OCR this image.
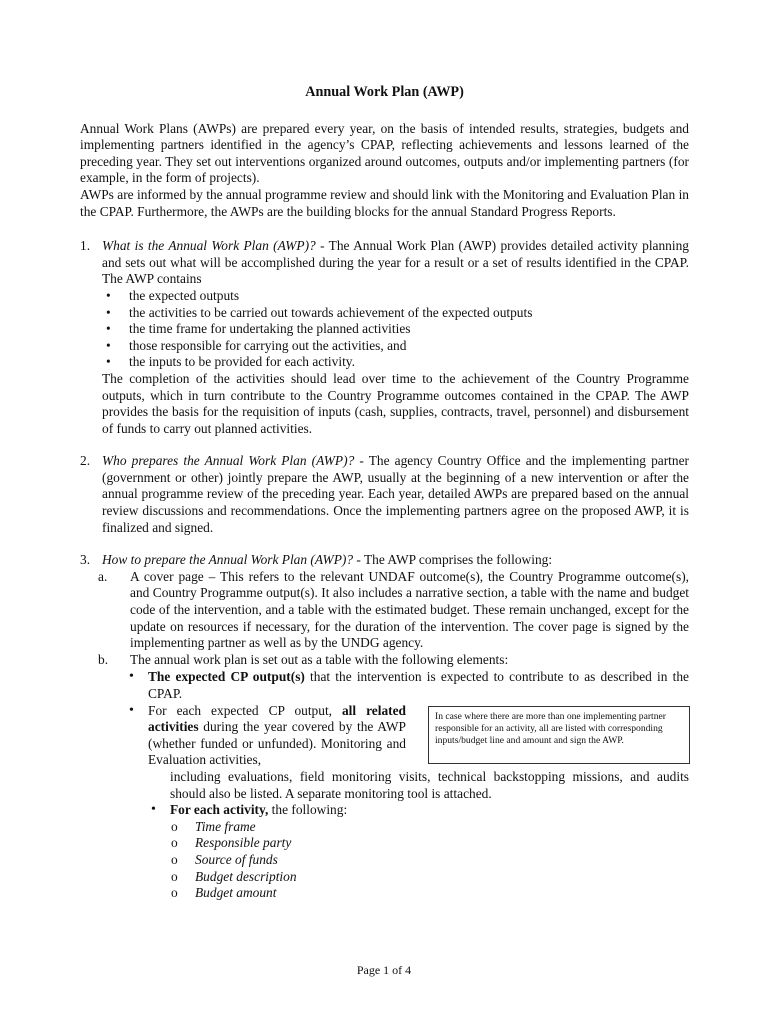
Annual Work Plan (AWP)

Annual Work Plans (AWPs) are prepared every year, on the basis of intended results, strategies, budgets and implementing partners identified in the agency’s CPAP, reflecting achievements and lessons learned of the preceding year. They set out interventions organized around outcomes, outputs and/or implementing partners (for example, in the form of projects).

AWPs are informed by the annual programme review and should link with the Monitoring and Evaluation Plan in the CPAP. Furthermore, the AWPs are the building blocks for the annual Standard Progress Reports.

1. What is the Annual Work Plan (AWP)? - The Annual Work Plan (AWP) provides detailed activity planning and sets out what will be accomplished during the year for a result or a set of results identified in the CPAP. The AWP contains

• the expected outputs
• the activities to be carried out towards achievement of the expected outputs
• the time frame for undertaking the planned activities
• those responsible for carrying out the activities, and
• the inputs to be provided for each activity.

The completion of the activities should lead over time to the achievement of the Country Programme outputs, which in turn contribute to the Country Programme outcomes contained in the CPAP. The AWP provides the basis for the requisition of inputs (cash, supplies, contracts, travel, personnel) and disbursement of funds to carry out planned activities.

2. Who prepares the Annual Work Plan (AWP)? - The agency Country Office and the implementing partner (government or other) jointly prepare the AWP, usually at the beginning of a new intervention or after the annual programme review of the preceding year. Each year, detailed AWPs are prepared based on the annual review discussions and recommendations. Once the implementing partners agree on the proposed AWP, it is finalized and signed.

3. How to prepare the Annual Work Plan (AWP)? - The AWP comprises the following:

a. A cover page – This refers to the relevant UNDAF outcome(s), the Country Programme outcome(s), and Country Programme output(s). It also includes a narrative section, a table with the name and budget code of the intervention, and a table with the estimated budget. These remain unchanged, except for the update on resources if necessary, for the duration of the intervention. The cover page is signed by the implementing partner as well as by the UNDG agency.

b. The annual work plan is set out as a table with the following elements:

• The expected CP output(s) that the intervention is expected to contribute to as described in the CPAP.

• For each expected CP output, all related activities during the year covered by the AWP (whether funded or unfunded). Monitoring and Evaluation activities,

including evaluations, field monitoring visits, technical backstopping missions, and audits should also be listed. A separate monitoring tool is attached.

• For each activity, the following:

o Time frame
o Responsible party
o Source of funds
o Budget description
o Budget amount
In case where there are more than one implementing partner responsible for an activity, all are listed with corresponding inputs/budget line and amount and sign the AWP.
Page 1 of 4
